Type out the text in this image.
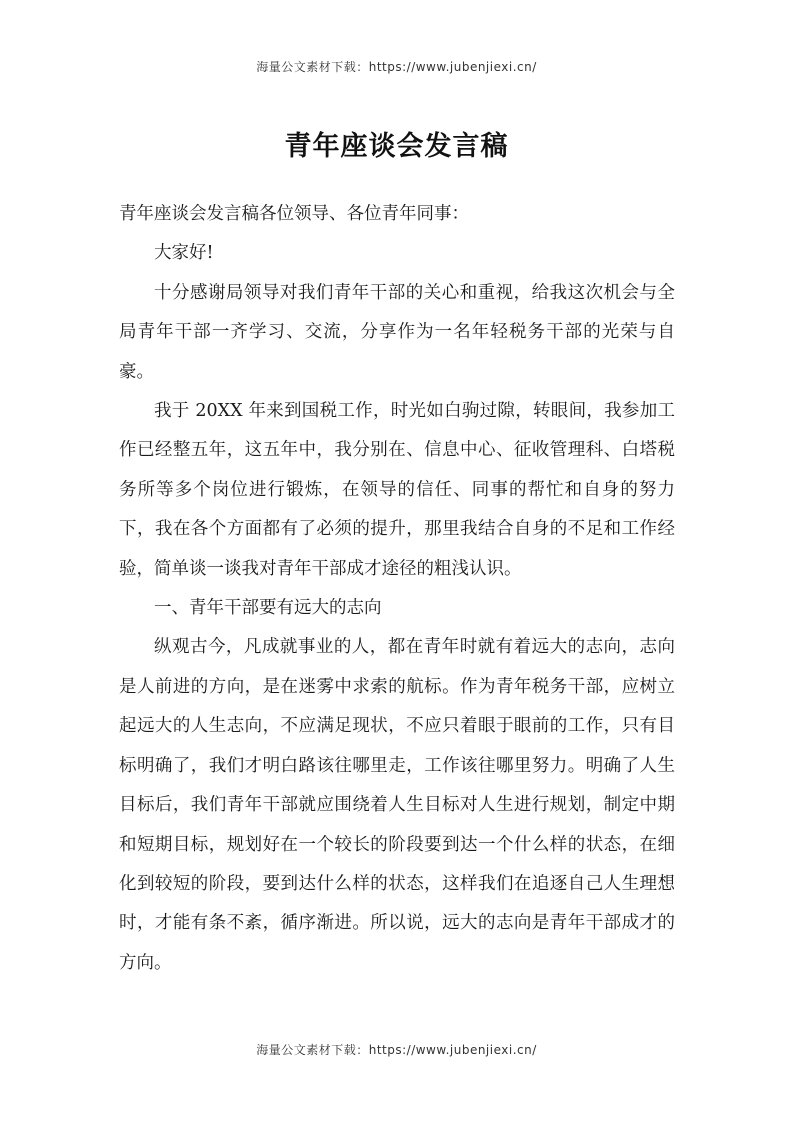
海量公文素材下载：https://www.jubenjiexi.cn/
青年座谈会发言稿

青年座谈会发言稿各位领导、各位青年同事：

大家好!

十分感谢局领导对我们青年干部的关心和重视，给我这次机会与全局青年干部一齐学习、交流，分享作为一名年轻税务干部的光荣与自豪。

我于 20XX 年来到国税工作，时光如白驹过隙，转眼间，我参加工作已经整五年，这五年中，我分别在、信息中心、征收管理科、白塔税务所等多个岗位进行锻炼，在领导的信任、同事的帮忙和自身的努力下，我在各个方面都有了必须的提升，那里我结合自身的不足和工作经验，简单谈一谈我对青年干部成才途径的粗浅认识。

一、青年干部要有远大的志向

纵观古今，凡成就事业的人，都在青年时就有着远大的志向，志向是人前进的方向，是在迷雾中求索的航标。作为青年税务干部，应树立起远大的人生志向，不应满足现状，不应只着眼于眼前的工作，只有目标明确了，我们才明白路该往哪里走，工作该往哪里努力。明确了人生目标后，我们青年干部就应围绕着人生目标对人生进行规划，制定中期和短期目标，规划好在一个较长的阶段要到达一个什么样的状态，在细化到较短的阶段，要到达什么样的状态，这样我们在追逐自己人生理想时，才能有条不紊，循序渐进。所以说，远大的志向是青年干部成才的方向。

海量公文素材下载：https://www.jubenjiexi.cn/
